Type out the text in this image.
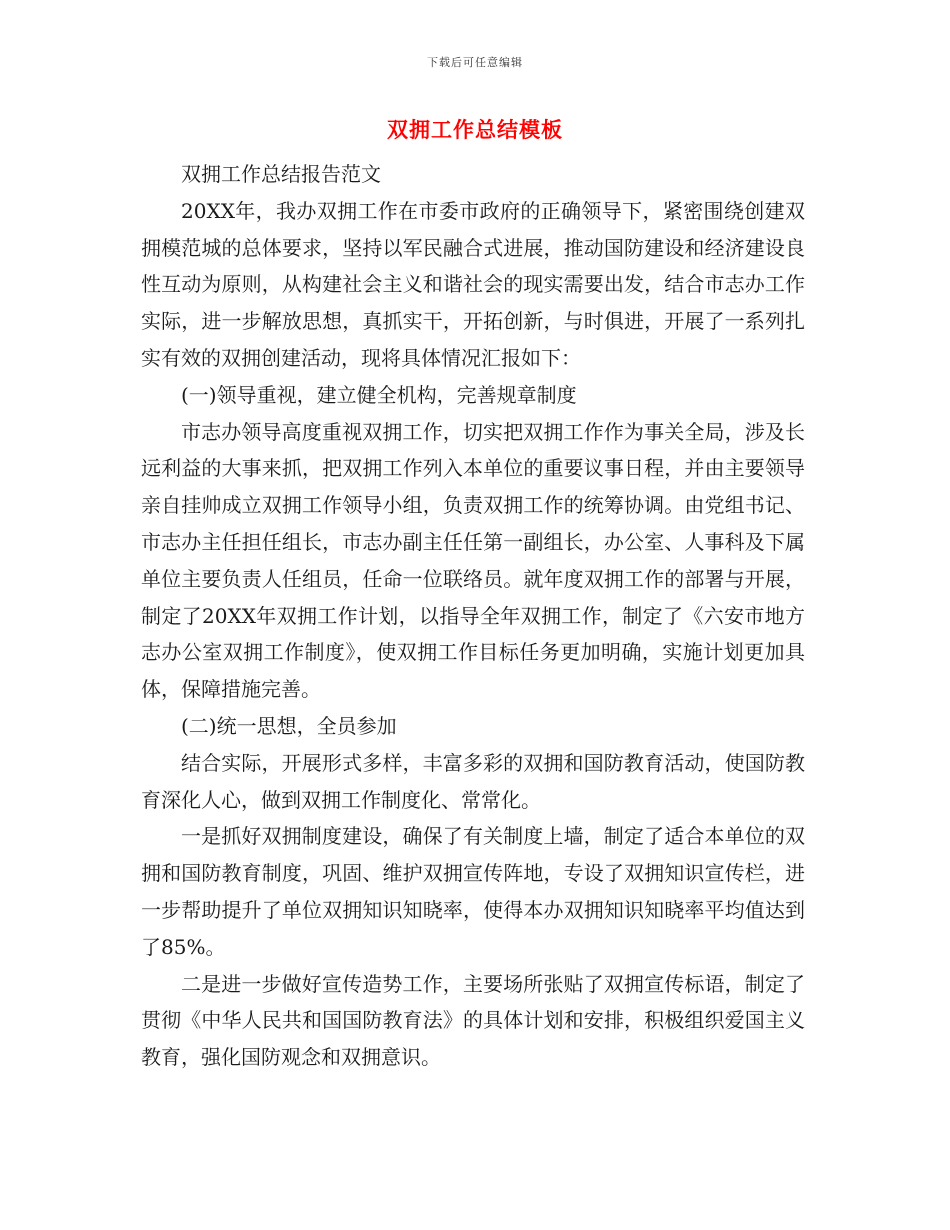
下载后可任意编辑
双拥工作总结模板

双拥工作总结报告范文

20XX年，我办双拥工作在市委市政府的正确领导下，紧密围绕创建双拥模范城的总体要求，坚持以军民融合式进展，推动国防建设和经济建设良性互动为原则，从构建社会主义和谐社会的现实需要出发，结合市志办工作实际，进一步解放思想，真抓实干，开拓创新，与时俱进，开展了一系列扎实有效的双拥创建活动，现将具体情况汇报如下：

(一)领导重视，建立健全机构，完善规章制度

市志办领导高度重视双拥工作，切实把双拥工作作为事关全局，涉及长远利益的大事来抓，把双拥工作列入本单位的重要议事日程，并由主要领导亲自挂帅成立双拥工作领导小组，负责双拥工作的统筹协调。由党组书记、市志办主任担任组长，市志办副主任任第一副组长，办公室、人事科及下属单位主要负责人任组员，任命一位联络员。就年度双拥工作的部署与开展，制定了20XX年双拥工作计划，以指导全年双拥工作，制定了《六安市地方志办公室双拥工作制度》，使双拥工作目标任务更加明确，实施计划更加具体，保障措施完善。

(二)统一思想，全员参加

结合实际，开展形式多样，丰富多彩的双拥和国防教育活动，使国防教育深化人心，做到双拥工作制度化、常常化。

一是抓好双拥制度建设，确保了有关制度上墙，制定了适合本单位的双拥和国防教育制度，巩固、维护双拥宣传阵地，专设了双拥知识宣传栏，进一步帮助提升了单位双拥知识知晓率，使得本办双拥知识知晓率平均值达到了85%。

二是进一步做好宣传造势工作，主要场所张贴了双拥宣传标语，制定了贯彻《中华人民共和国国防教育法》的具体计划和安排，积极组织爱国主义教育，强化国防观念和双拥意识。
